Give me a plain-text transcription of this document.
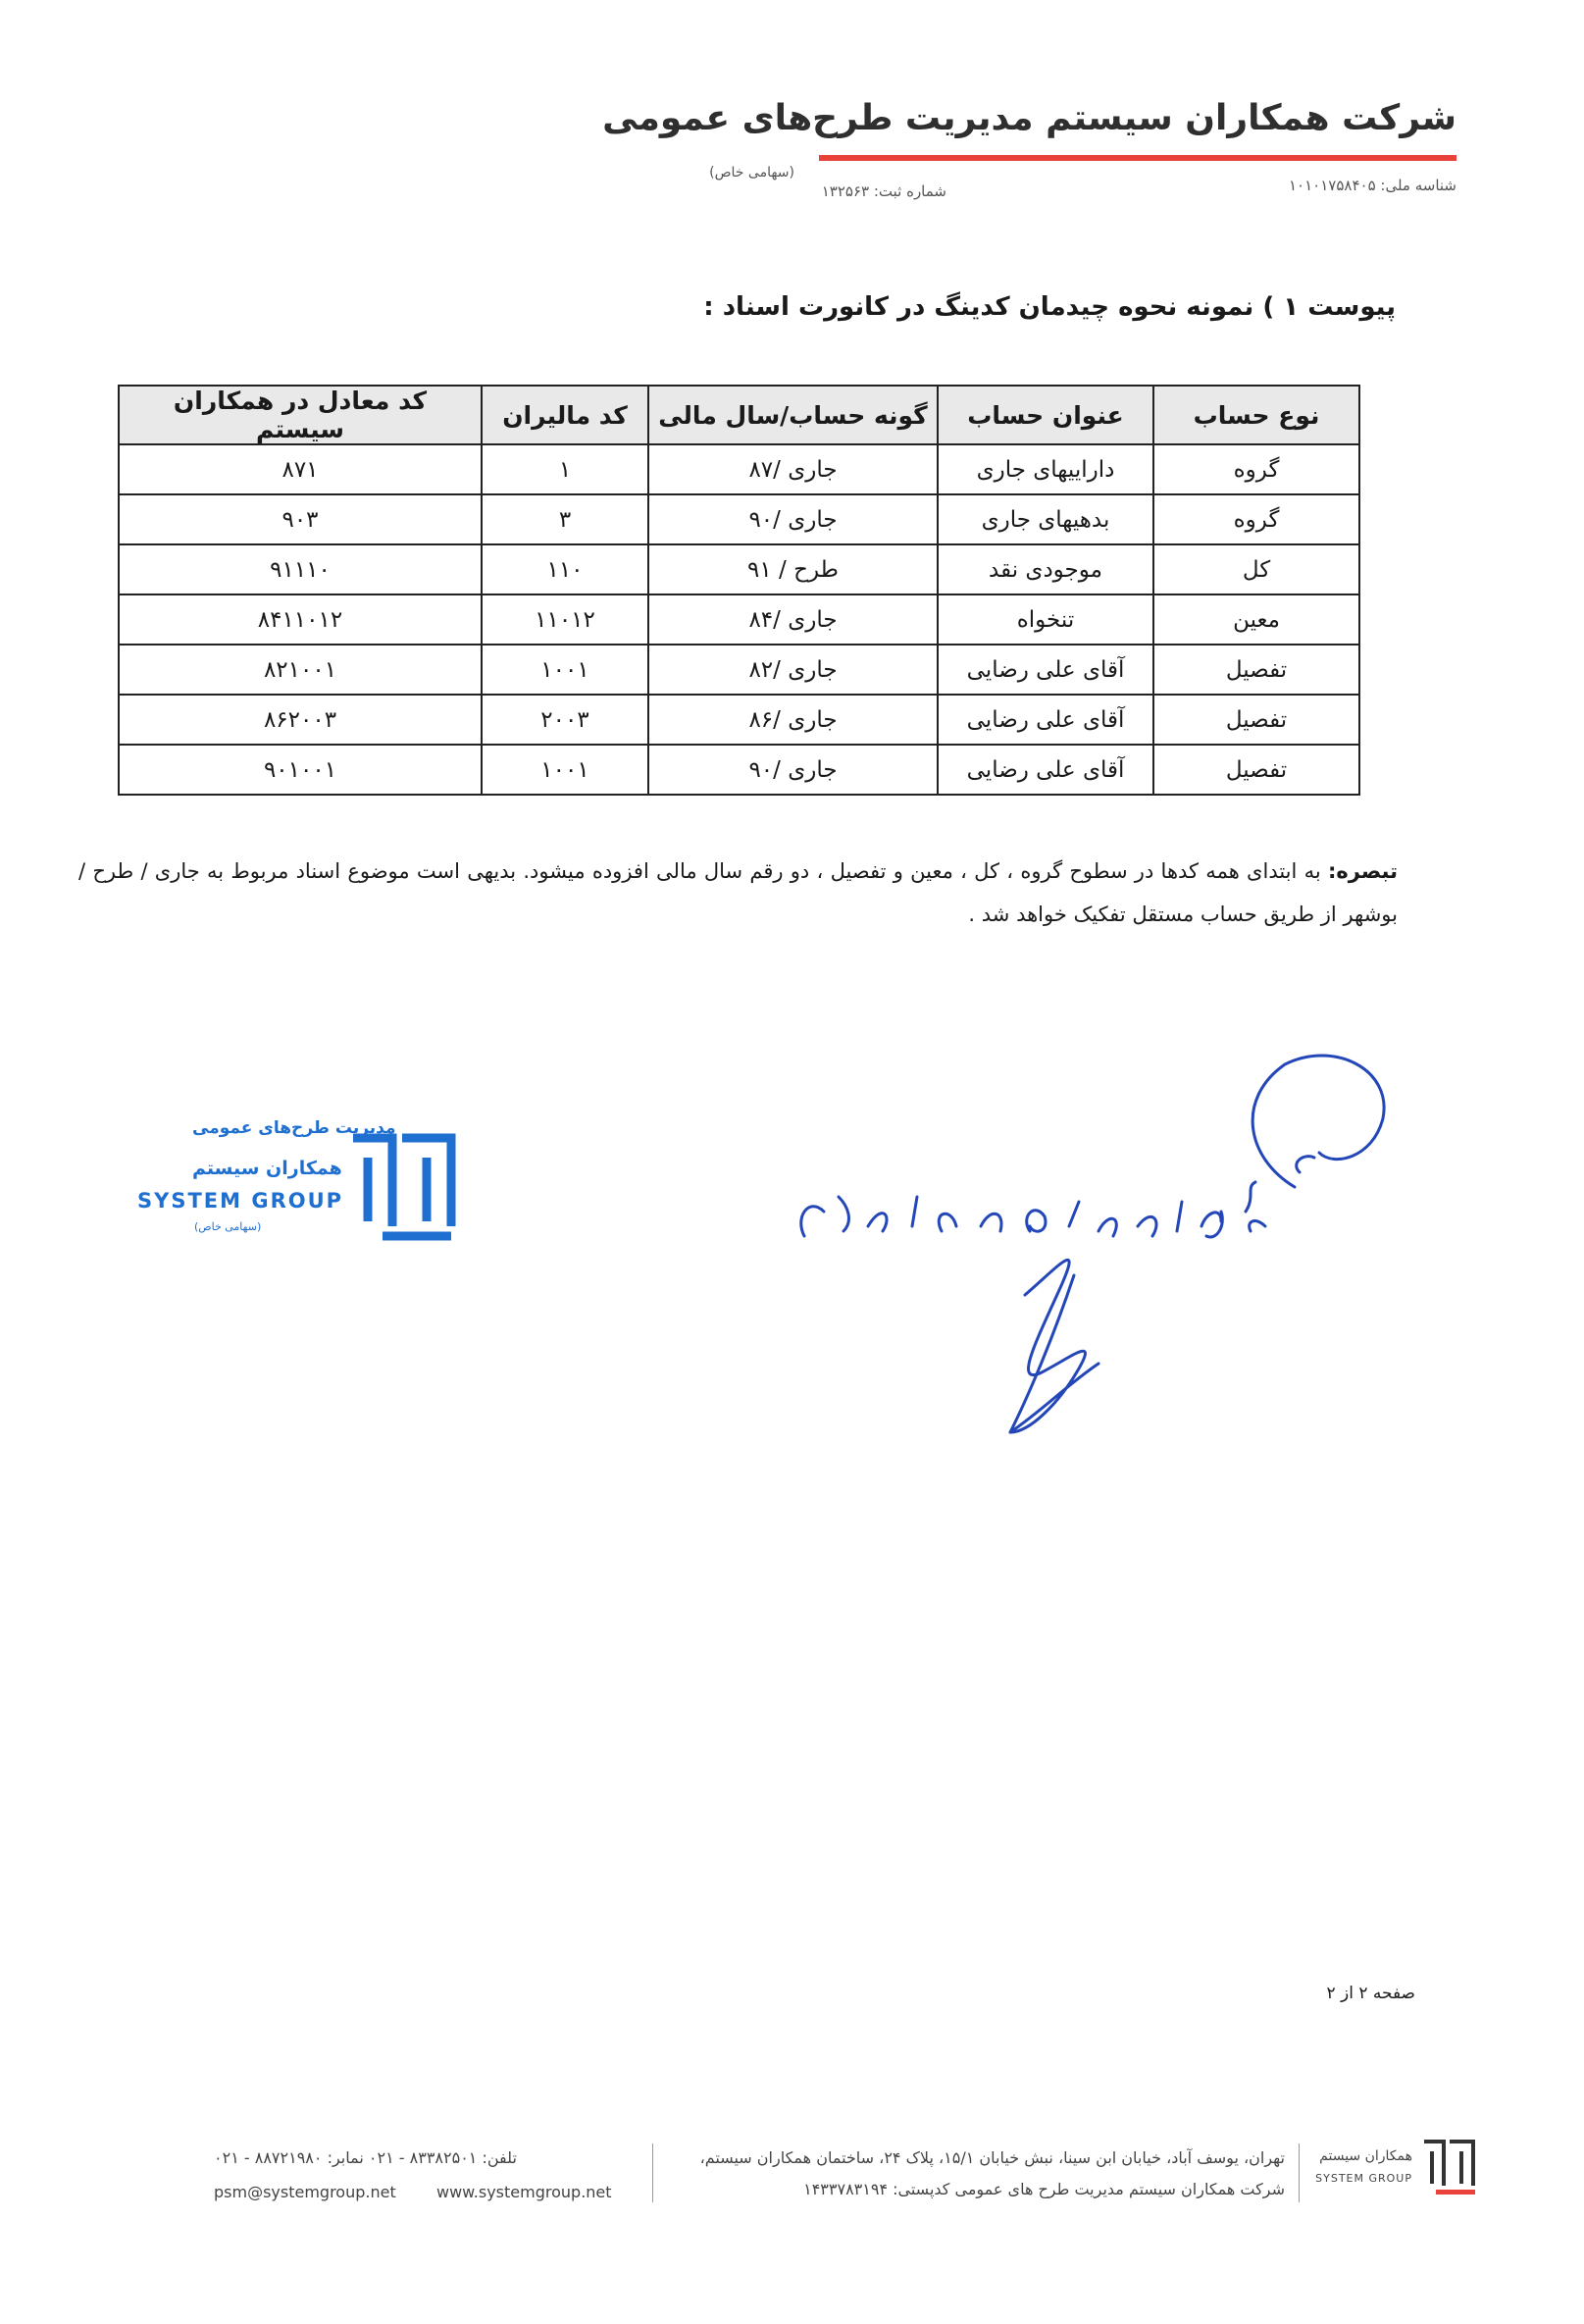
شرکت همکاران سیستم مدیریت طرح‌های عمومی
(سهامی خاص)
شناسه ملی: ۱۰۱۰۱۷۵۸۴۰۵
شماره ثبت: ۱۳۲۵۶۳
پیوست ۱ ) نمونه نحوه چیدمان کدینگ در کانورت اسناد :
نوع حساب	عنوان حساب	گونه حساب/سال مالی	کد مالیران	کد معادل در همکاران سیستم
گروه	داراییهای جاری	جاری /۸۷	۱	۸۷۱
گروه	بدهیهای جاری	جاری /۹۰	۳	۹۰۳
کل	موجودی نقد	طرح / ۹۱	۱۱۰	۹۱۱۱۰
معین	تنخواه	جاری /۸۴	۱۱۰۱۲	۸۴۱۱۰۱۲
تفصیل	آقای علی رضایی	جاری /۸۲	۱۰۰۱	۸۲۱۰۰۱
تفصیل	آقای علی رضایی	جاری /۸۶	۲۰۰۳	۸۶۲۰۰۳
تفصیل	آقای علی رضایی	جاری /۹۰	۱۰۰۱	۹۰۱۰۰۱
تبصره: به ابتدای همه کدها در سطوح گروه ، کل ، معین و تفصیل ، دو رقم سال مالی افزوده میشود. بدیهی است موضوع اسناد مربوط به جاری / طرح / بوشهر از طریق حساب مستقل تفکیک خواهد شد .
مدیریت طرح‌های عمومی
همکاران سیستم
SYSTEM GROUP
(سهامی خاص)
صفحه ۲ از ۲
همکاران سیستم
SYSTEM GROUP
تهران، یوسف آباد، خیابان ابن سینا، نبش خیابان ۱۵/۱، پلاک ۲۴، ساختمان همکاران سیستم،
شرکت همکاران سیستم مدیریت طرح های عمومی کدپستی: ۱۴۳۳۷۸۳۱۹۴
تلفن: ۸۳۳۸۲۵۰۱ - ۰۲۱ نمابر: ۸۸۷۲۱۹۸۰ - ۰۲۱
psm@systemgroup.net	www.systemgroup.net
